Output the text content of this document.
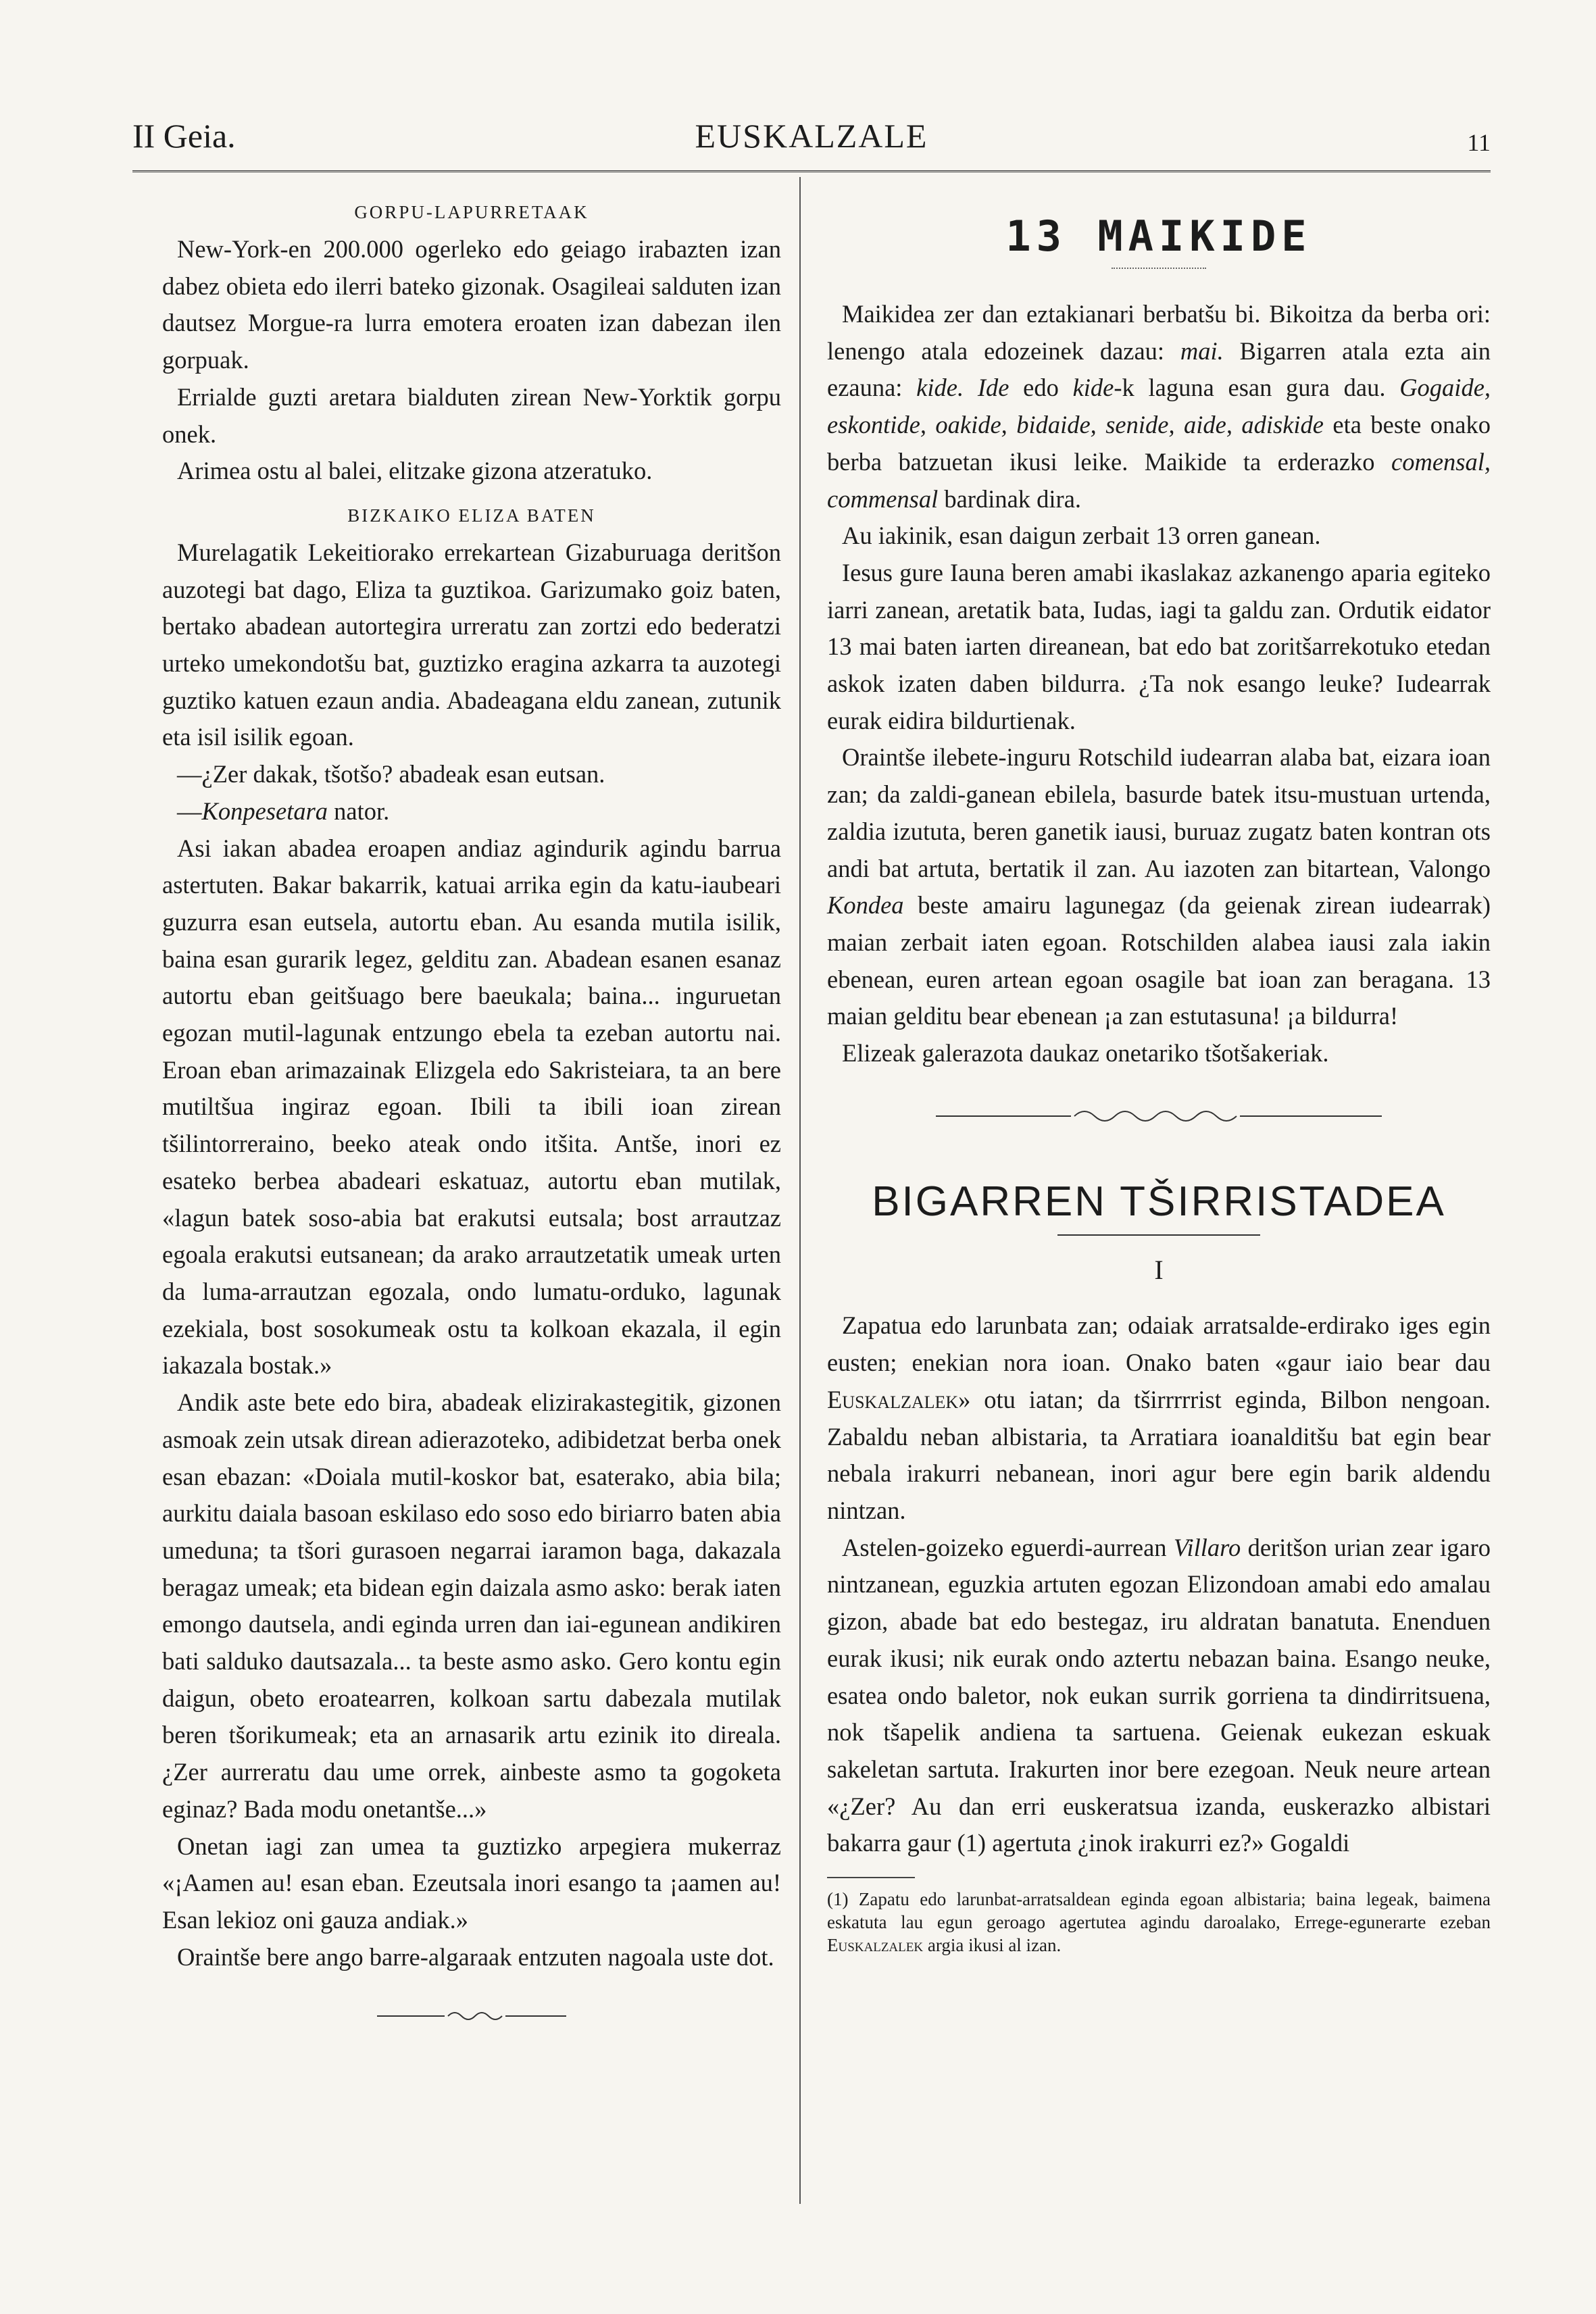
II Geia.	EUSKALZALE	11
GORPU-LAPURRETAAK

New-York-en 200.000 ogerleko edo geiago irabazten izan dabez obieta edo ilerri bateko gizonak. Osagileai salduten izan dautsez Morgue-ra lurra emotera eroaten izan dabezan ilen gorpuak.

Errialde guzti aretara bialduten zirean New-Yorktik gorpu onek.

Arimea ostu al balei, elitzake gizona atzeratuko.

BIZKAIKO ELIZA BATEN

Murelagatik Lekeitiorako errekartean Gizaburuaga deritšon auzotegi bat dago, Eliza ta guztikoa. Garizumako goiz baten, bertako abadean autortegira urreratu zan zortzi edo bederatzi urteko umekondotšu bat, guztizko eragina azkarra ta auzotegi guztiko katuen ezaun andia. Abadeagana eldu zanean, zutunik eta isil isilik egoan.

—¿Zer dakak, tšotšo? abadeak esan eutsan.

—Konpesetara nator.

Asi iakan abadea eroapen andiaz agindurik agindu barrua astertuten. Bakar bakarrik, katuai arrika egin da katu-iaubeari guzurra esan eutsela, autortu eban. Au esanda mutila isilik, baina esan gurarik legez, gelditu zan. Abadean esanen esanaz autortu eban geitšuago bere baeukala; baina... inguruetan egozan mutil-lagunak entzungo ebela ta ezeban autortu nai. Eroan eban arimazainak Elizgela edo Sakristeiara, ta an bere mutiltšua ingiraz egoan. Ibili ta ibili ioan zirean tšilintorreraino, beeko ateak ondo itšita. Antše, inori ez esateko berbea abadeari eskatuaz, autortu eban mutilak, «lagun batek soso-abia bat erakutsi eutsala; bost arrautzaz egoala erakutsi eutsanean; da arako arrautzetatik umeak urten da luma-arrautzan egozala, ondo lumatu-orduko, lagunak ezekiala, bost sosokumeak ostu ta kolkoan ekazala, il egin iakazala bostak.»

Andik aste bete edo bira, abadeak elizirakastegitik, gizonen asmoak zein utsak direan adierazoteko, adibidetzat berba onek esan ebazan: «Doiala mutil-koskor bat, esaterako, abia bila; aurkitu daiala basoan eskilaso edo soso edo biriarro baten abia umeduna; ta tšori gurasoen negarrai iaramon baga, dakazala beragaz umeak; eta bidean egin daizala asmo asko: berak iaten emongo dautsela, andi eginda urren dan iai-egunean andikiren bati salduko dautsazala... ta beste asmo asko. Gero kontu egin daigun, obeto eroatearren, kolkoan sartu dabezala mutilak beren tšorikumeak; eta an arnasarik artu ezinik ito direala. ¿Zer aurreratu dau ume orrek, ainbeste asmo ta gogoketa eginaz? Bada modu onetantše...»

Onetan iagi zan umea ta guztizko arpegiera mukerraz «¡Aamen au! esan eban. Ezeutsala inori esango ta ¡aamen au! Esan lekioz oni gauza andiak.»

Oraintše bere ango barre-algaraak entzuten nagoala uste dot.

13 MAIKIDE

Maikidea zer dan eztakianari berbatšu bi. Bikoitza da berba ori: lenengo atala edozeinek dazau: mai. Bigarren atala ezta ain ezauna: kide. Ide edo kide-k laguna esan gura dau. Gogaide, eskontide, oakide, bidaide, senide, aide, adiskide eta beste onako berba batzuetan ikusi leike. Maikide ta erderazko comensal, commensal bardinak dira.

Au iakinik, esan daigun zerbait 13 orren ganean.

Iesus gure Iauna beren amabi ikaslakaz azkanengo aparia egiteko iarri zanean, aretatik bata, Iudas, iagi ta galdu zan. Ordutik eidator 13 mai baten iarten direanean, bat edo bat zoritšarrekotuko etedan askok izaten daben bildurra. ¿Ta nok esango leuke? Iudearrak eurak eidira bildurtienak.

Oraintše ilebete-inguru Rotschild iudearran alaba bat, eizara ioan zan; da zaldi-ganean ebilela, basurde batek itsu-mustuan urtenda, zaldia izututa, beren ganetik iausi, buruaz zugatz baten kontran ots andi bat artuta, bertatik il zan. Au iazoten zan bitartean, Valongo Kondea beste amairu lagunegaz (da geienak zirean iudearrak) maian zerbait iaten egoan. Rotschilden alabea iausi zala iakin ebenean, euren artean egoan osagile bat ioan zan beragana. 13 maian gelditu bear ebenean ¡a zan estutasuna! ¡a bildurra!

Elizeak galerazota daukaz onetariko tšotšakeriak.

BIGARREN TŠIRRISTADEA
I

Zapatua edo larunbata zan; odaiak arratsalde-erdirako iges egin eusten; enekian nora ioan. Onako baten «gaur iaio bear dau Euskalzalek» otu iatan; da tširrrrrist eginda, Bilbon nengoan. Zabaldu neban albistaria, ta Arratiara ioanalditšu bat egin bear nebala irakurri nebanean, inori agur bere egin barik aldendu nintzan.

Astelen-goizeko eguerdi-aurrean Villaro deritšon urian zear igaro nintzanean, eguzkia artuten egozan Elizondoan amabi edo amalau gizon, abade bat edo bestegaz, iru aldratan banatuta. Enenduen eurak ikusi; nik eurak ondo aztertu nebazan baina. Esango neuke, esatea ondo baletor, nok eukan surrik gorriena ta dindirritsuena, nok tšapelik andiena ta sartuena. Geienak eukezan eskuak sakeletan sartuta. Irakurten inor bere ezegoan. Neuk neure artean «¿Zer? Au dan erri euskeratsua izanda, euskerazko albistari bakarra gaur (1) agertuta ¿inok irakurri ez?» Gogaldi

(1) Zapatu edo larunbat-arratsaldean eginda egoan albistaria; baina legeak, baimena eskatuta lau egun geroago agertutea agindu daroalako, Errege-egunerarte ezeban Euskalzalek argia ikusi al izan.
